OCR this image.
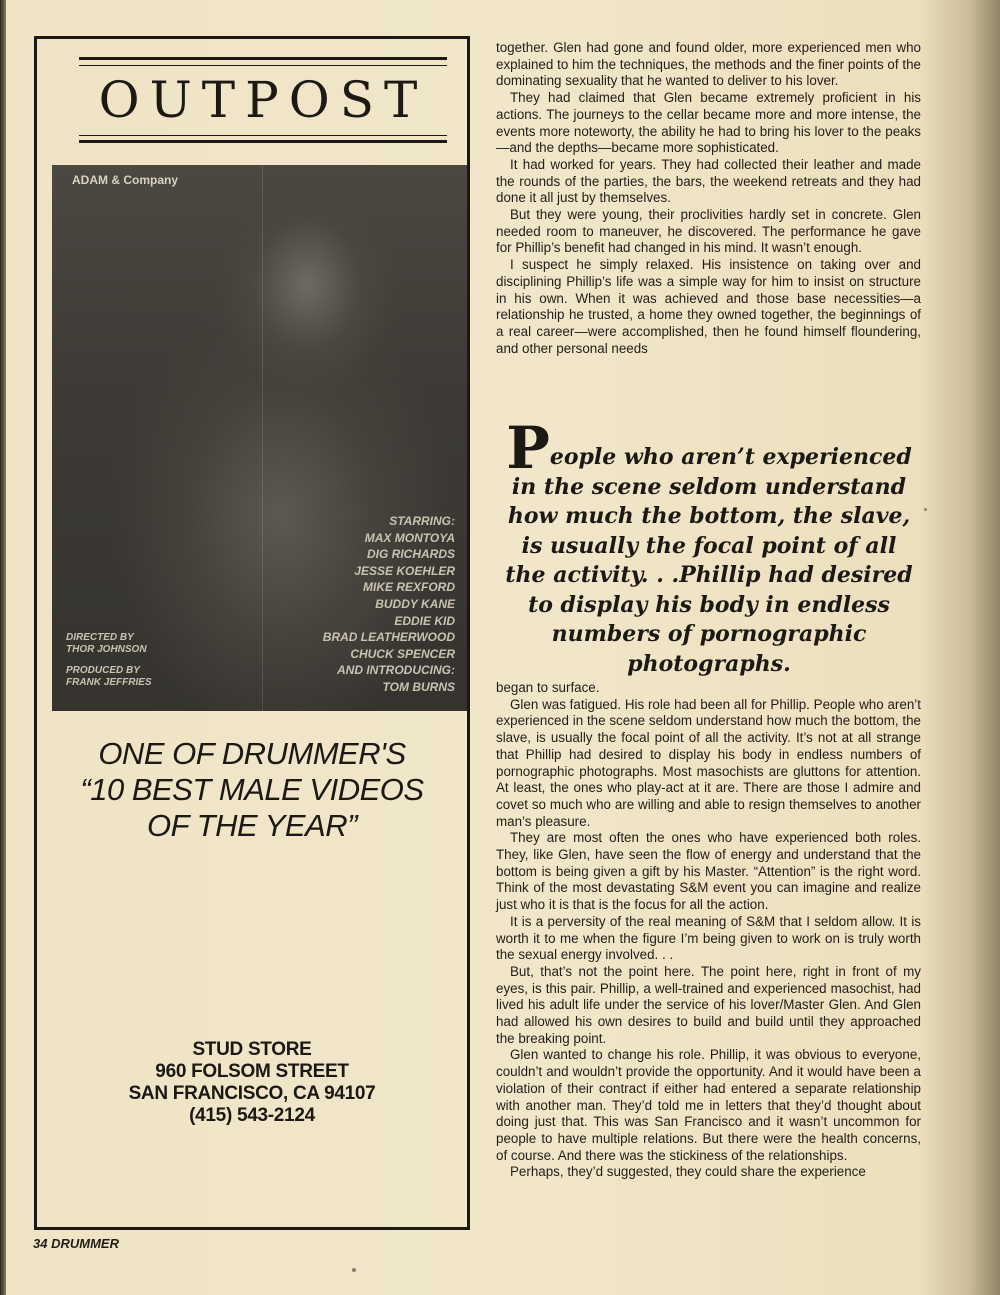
OUTPOST
ADAM & Company
STARRING:
MAX MONTOYA
DIG RICHARDS
JESSE KOEHLER
MIKE REXFORD
BUDDY KANE
EDDIE KID
BRAD LEATHERWOOD
CHUCK SPENCER
AND INTRODUCING:
TOM BURNS
DIRECTED BY
THOR JOHNSON
PRODUCED BY
FRANK JEFFRIES
ONE OF DRUMMER'S
“10 BEST MALE VIDEOS
OF THE YEAR”
STUD STORE
960 FOLSOM STREET
SAN FRANCISCO, CA 94107
(415) 543-2124
34 DRUMMER

together. Glen had gone and found older, more experienced men who explained to him the techniques, the methods and the finer points of the dominating sexuality that he wanted to deliver to his lover.

They had claimed that Glen became extremely proficient in his actions. The journeys to the cellar became more and more intense, the events more noteworty, the ability he had to bring his lover to the peaks—and the depths—became more sophisticated.

It had worked for years. They had collected their leather and made the rounds of the parties, the bars, the weekend retreats and they had done it all just by themselves.

But they were young, their proclivities hardly set in concrete. Glen needed room to maneuver, he discovered. The performance he gave for Phillip’s benefit had changed in his mind. It wasn’t enough.

I suspect he simply relaxed. His insistence on taking over and disciplining Phillip’s life was a simple way for him to insist on structure in his own. When it was achieved and those base necessities—a relationship he trusted, a home they owned together, the beginnings of a real career—were accomplished, then he found himself floundering, and other personal needs

People who aren’t experienced in the scene seldom understand how much the bottom, the slave, is usually the focal point of all the activity. . .Phillip had desired to display his body in endless numbers of pornographic photographs.

began to surface.

Glen was fatigued. His role had been all for Phillip. People who aren’t experienced in the scene seldom understand how much the bottom, the slave, is usually the focal point of all the activity. It’s not at all strange that Phillip had desired to display his body in endless numbers of pornographic photographs. Most masochists are gluttons for attention. At least, the ones who play-act at it are. There are those I admire and covet so much who are willing and able to resign themselves to another man’s pleasure.

They are most often the ones who have experienced both roles. They, like Glen, have seen the flow of energy and understand that the bottom is being given a gift by his Master. “Attention” is the right word. Think of the most devastating S&M event you can imagine and realize just who it is that is the focus for all the action.

It is a perversity of the real meaning of S&M that I seldom allow. It is worth it to me when the figure I’m being given to work on is truly worth the sexual energy involved. . .

But, that’s not the point here. The point here, right in front of my eyes, is this pair. Phillip, a well-trained and experienced masochist, had lived his adult life under the service of his lover/Master Glen. And Glen had allowed his own desires to build and build until they approached the breaking point.

Glen wanted to change his role. Phillip, it was obvious to everyone, couldn’t and wouldn’t provide the opportunity. And it would have been a violation of their contract if either had entered a separate relationship with another man. They’d told me in letters that they’d thought about doing just that. This was San Francisco and it wasn’t uncommon for people to have multiple relations. But there were the health concerns, of course. And there was the stickiness of the relationships.

Perhaps, they’d suggested, they could share the experience
